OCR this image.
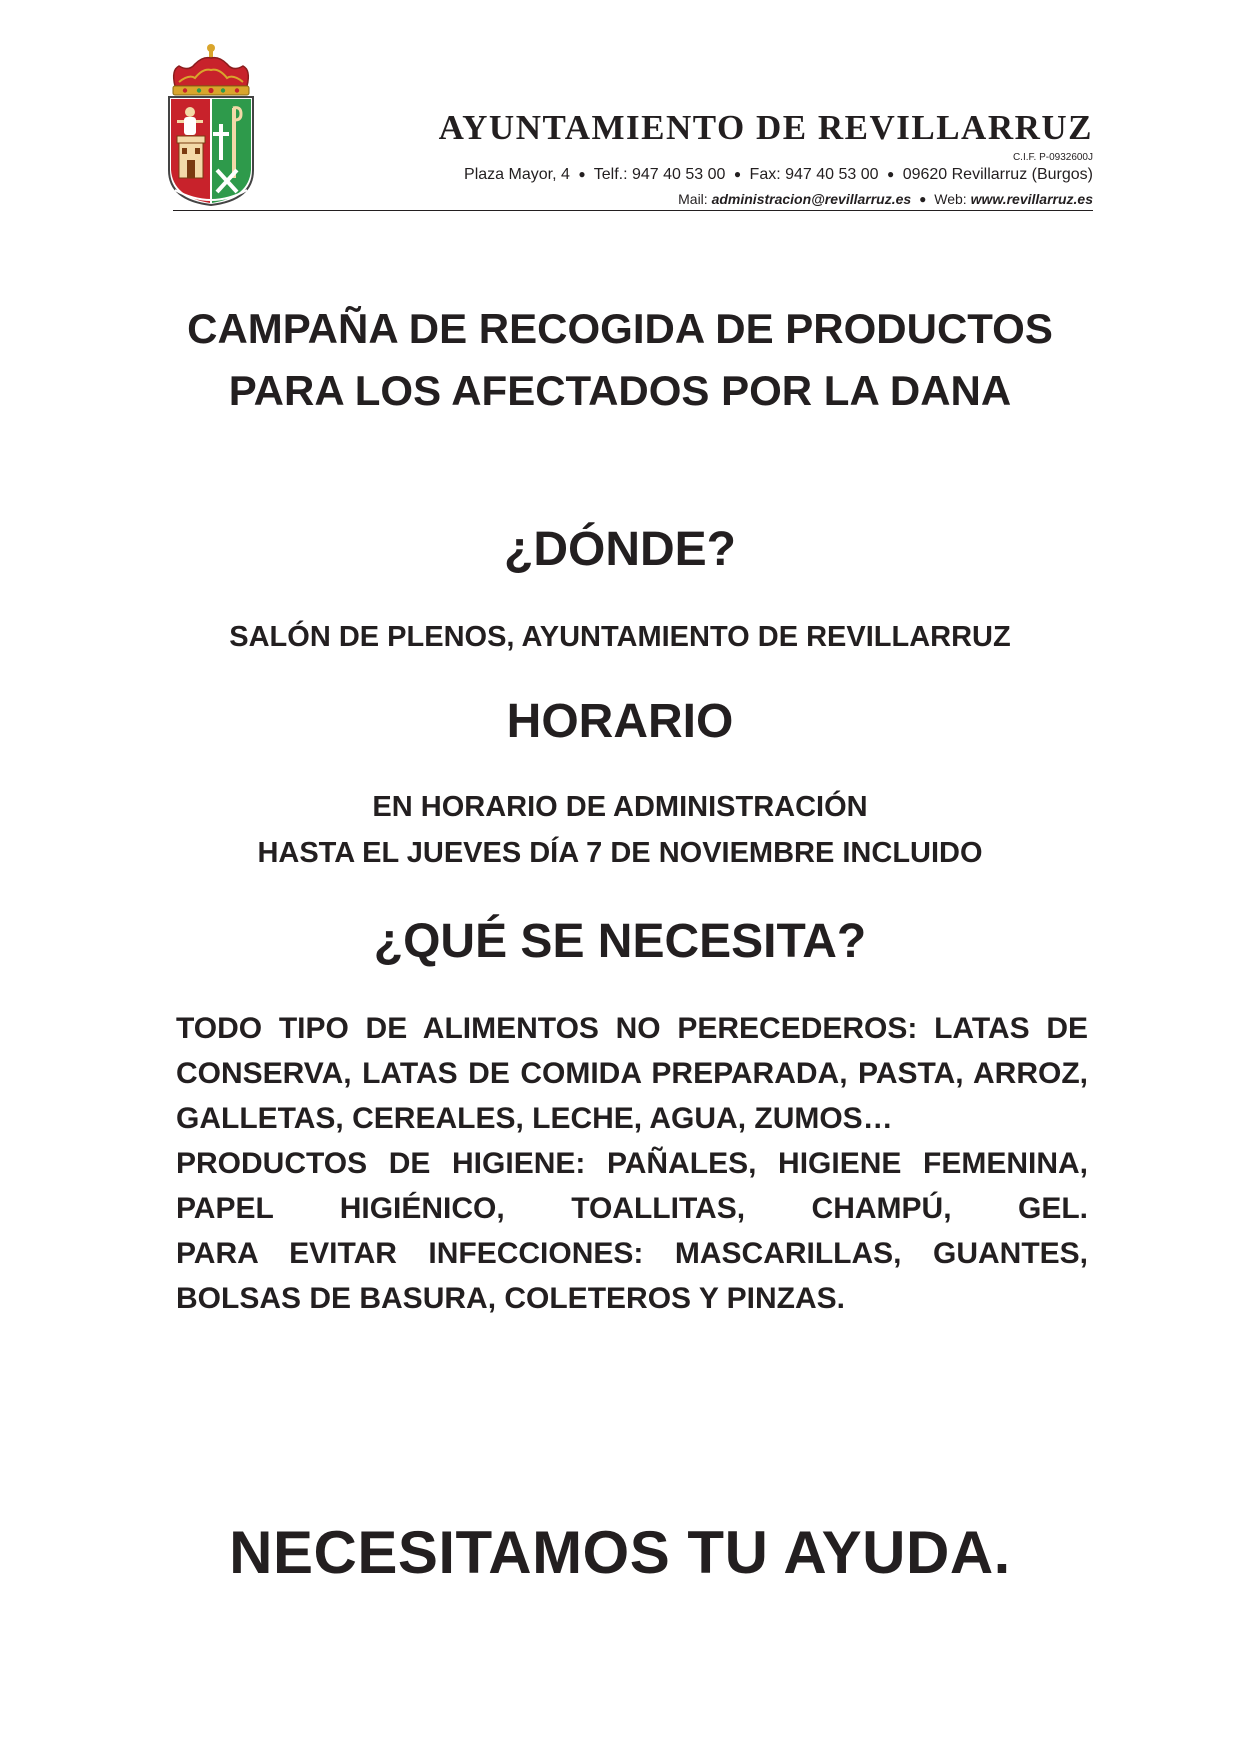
AYUNTAMIENTO DE REVILLARRUZ
C.I.F. P-0932600J
Plaza Mayor, 4 ● Telf.: 947 40 53 00 ● Fax: 947 40 53 00 ● 09620 Revillarruz (Burgos)
Mail: administracion@revillarruz.es ● Web: www.revillarruz.es
CAMPAÑA DE RECOGIDA DE PRODUCTOS
PARA LOS AFECTADOS POR LA DANA
¿DÓNDE?
SALÓN DE PLENOS, AYUNTAMIENTO DE REVILLARRUZ
HORARIO
EN HORARIO DE ADMINISTRACIÓN
HASTA EL JUEVES DÍA 7 DE NOVIEMBRE INCLUIDO
¿QUÉ SE NECESITA?

TODO TIPO DE ALIMENTOS NO PERECEDEROS: LATAS DE CONSERVA, LATAS DE COMIDA PREPARADA, PASTA, ARROZ, GALLETAS, CEREALES, LECHE, AGUA, ZUMOS…

PRODUCTOS DE HIGIENE: PAÑALES, HIGIENE FEMENINA, PAPEL HIGIÉNICO, TOALLITAS, CHAMPÚ, GEL.

PARA EVITAR INFECCIONES: MASCARILLAS, GUANTES, BOLSAS DE BASURA, COLETEROS Y PINZAS.

NECESITAMOS TU AYUDA.
